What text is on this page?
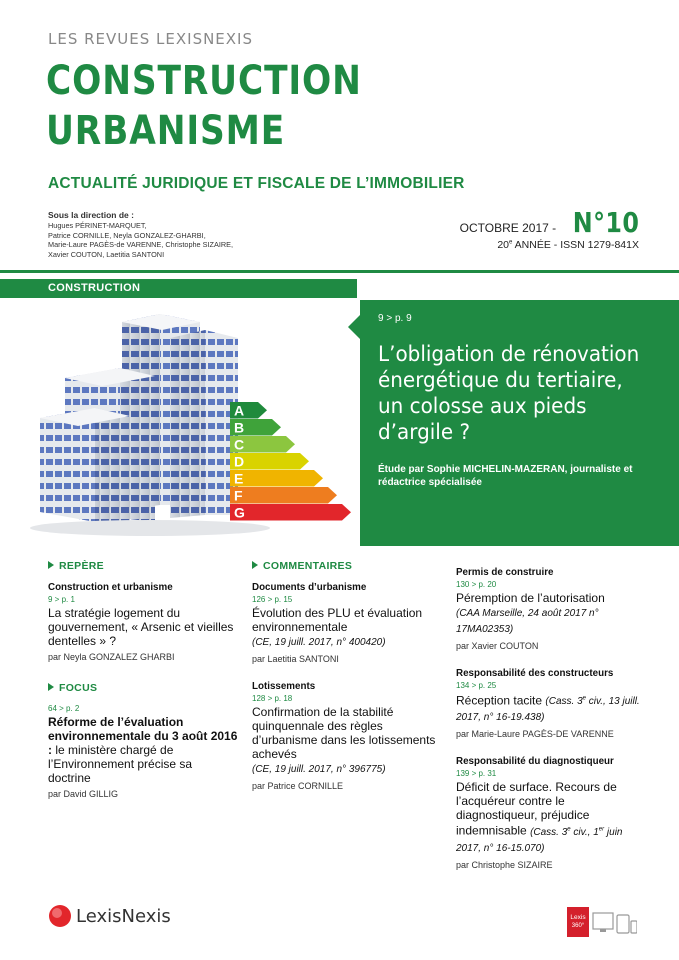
LES REVUES LEXISNEXIS
CONSTRUCTION
URBANISME
ACTUALITÉ JURIDIQUE ET FISCALE DE L’IMMOBILIER
Sous la direction de :
Hugues PÉRINET-MARQUET,
Patrice CORNILLE, Neyla GONZALEZ-GHARBI,
Marie-Laure PAGÈS-de VARENNE, Christophe SIZAIRE,
Xavier COUTON, Laetitia SANTONI
OCTOBRE 2017 - N°10
20e ANNÉE - ISSN 1279-841X
CONSTRUCTION
A
B
C
D
E
F
G
9 > p. 9
L’obligation de rénovation énergétique du tertiaire, un colosse aux pieds d’argile ?
Étude par Sophie MICHELIN-MAZERAN, journaliste et rédactrice spécialisée
REPÈRE
Construction et urbanisme
9 > p. 1
La stratégie logement du gouvernement, « Arsenic et vieilles dentelles » ?
par Neyla GONZALEZ GHARBI
FOCUS
64 > p. 2
Réforme de l’évaluation environnementale du 3 août 2016 : le ministère chargé de l’Environnement précise sa doctrine
par David GILLIG
COMMENTAIRES
Documents d’urbanisme
126 > p. 15
Évolution des PLU et évaluation environnementale
(CE, 19 juill. 2017, n° 400420)
par Laetitia SANTONI
Lotissements
128 > p. 18
Confirmation de la stabilité quinquennale des règles d’urbanisme dans les lotissements achevés
(CE, 19 juill. 2017, n° 396775)
par Patrice CORNILLE
Permis de construire
130 > p. 20
Péremption de l’autorisation
(CAA Marseille, 24 août 2017 n° 17MA02353)
par Xavier COUTON
Responsabilité des constructeurs
134 > p. 25
Réception tacite (Cass. 3e civ., 13 juill. 2017, n° 16-19.438)
par Marie-Laure PAGÈS-DE VARENNE
Responsabilité du diagnostiqueur
139 > p. 31
Déficit de surface. Recours de l’acquéreur contre le diagnostiqueur, préjudice indemnisable (Cass. 3e civ., 1er juin 2017, n° 16-15.070)
par Christophe SIZAIRE
LexisNexis	Lexis
360°
